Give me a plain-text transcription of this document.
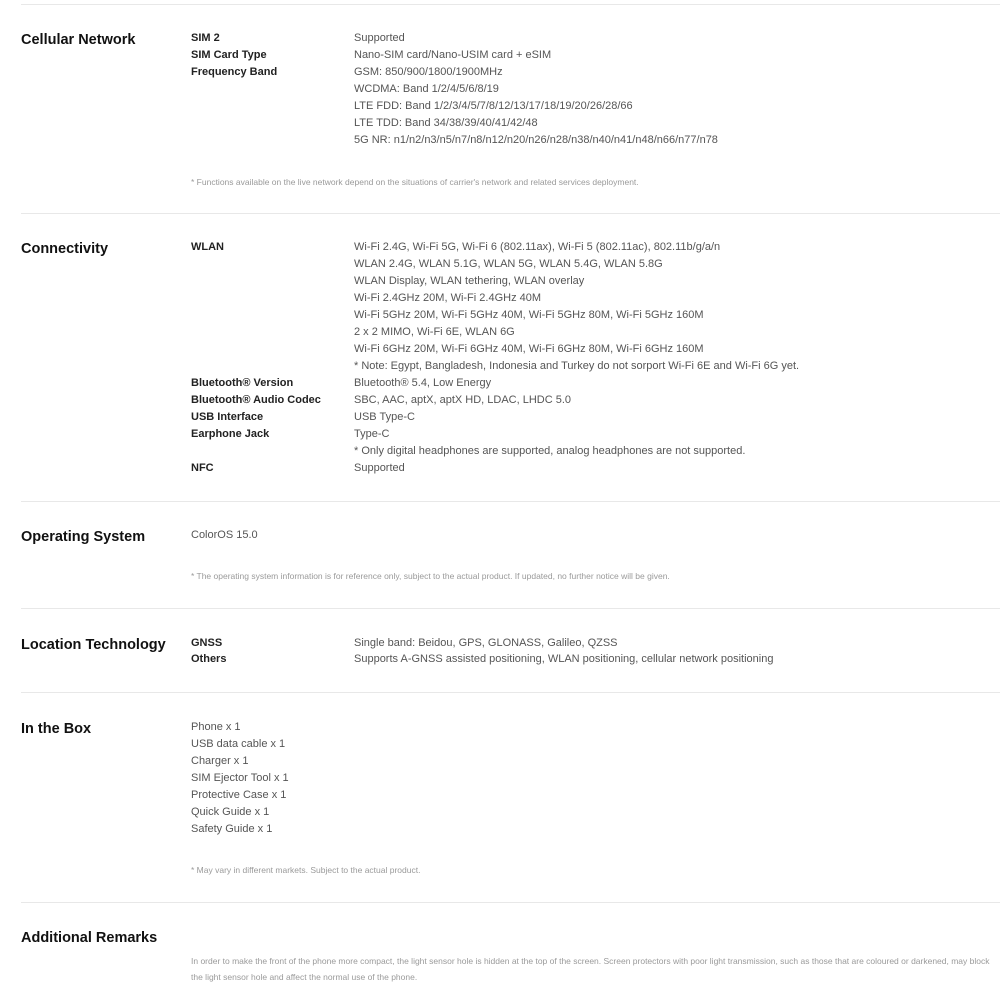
Cellular Network	SIM 2	Supported
SIM Card Type	Nano-SIM card/Nano-USIM card + eSIM
Frequency Band	GSM: 850/900/1800/1900MHz
WCDMA: Band 1/2/4/5/6/8/19
LTE FDD: Band 1/2/3/4/5/7/8/12/13/17/18/19/20/26/28/66
LTE TDD: Band 34/38/39/40/41/42/48
5G NR: n1/n2/n3/n5/n7/n8/n12/n20/n26/n28/n38/n40/n41/n48/n66/n77/n78
* Functions available on the live network depend on the situations of carrier's network and related services deployment.
Connectivity	WLAN	Wi-Fi 2.4G, Wi-Fi 5G, Wi-Fi 6 (802.11ax), Wi-Fi 5 (802.11ac), 802.11b/g/a/n
WLAN 2.4G, WLAN 5.1G, WLAN 5G, WLAN 5.4G, WLAN 5.8G
WLAN Display, WLAN tethering, WLAN overlay
Wi-Fi 2.4GHz 20M, Wi-Fi 2.4GHz 40M
Wi-Fi 5GHz 20M, Wi-Fi 5GHz 40M, Wi-Fi 5GHz 80M, Wi-Fi 5GHz 160M
2 x 2 MIMO, Wi-Fi 6E, WLAN 6G
Wi-Fi 6GHz 20M, Wi-Fi 6GHz 40M, Wi-Fi 6GHz 80M, Wi-Fi 6GHz 160M
* Note: Egypt, Bangladesh, Indonesia and Turkey do not sorport Wi-Fi 6E and Wi-Fi 6G yet.
Bluetooth® Version	Bluetooth® 5.4, Low Energy
Bluetooth® Audio Codec	SBC, AAC, aptX, aptX HD, LDAC, LHDC 5.0
USB Interface	USB Type-C
Earphone Jack	Type-C
* Only digital headphones are supported, analog headphones are not supported.
NFC	Supported
Operating System	ColorOS 15.0
* The operating system information is for reference only, subject to the actual product. If updated, no further notice will be given.
Location Technology	GNSS	Single band: Beidou, GPS, GLONASS, Galileo, QZSS
Others	Supports A-GNSS assisted positioning, WLAN positioning, cellular network positioning
In the Box	Phone x 1
USB data cable x 1
Charger x 1
SIM Ejector Tool x 1
Protective Case x 1
Quick Guide x 1
Safety Guide x 1
* May vary in different markets. Subject to the actual product.
Additional Remarks
In order to make the front of the phone more compact, the light sensor hole is hidden at the top of the screen. Screen protectors with poor light transmission, such as those that are coloured or darkened, may block the light sensor hole and affect the normal use of the phone.
